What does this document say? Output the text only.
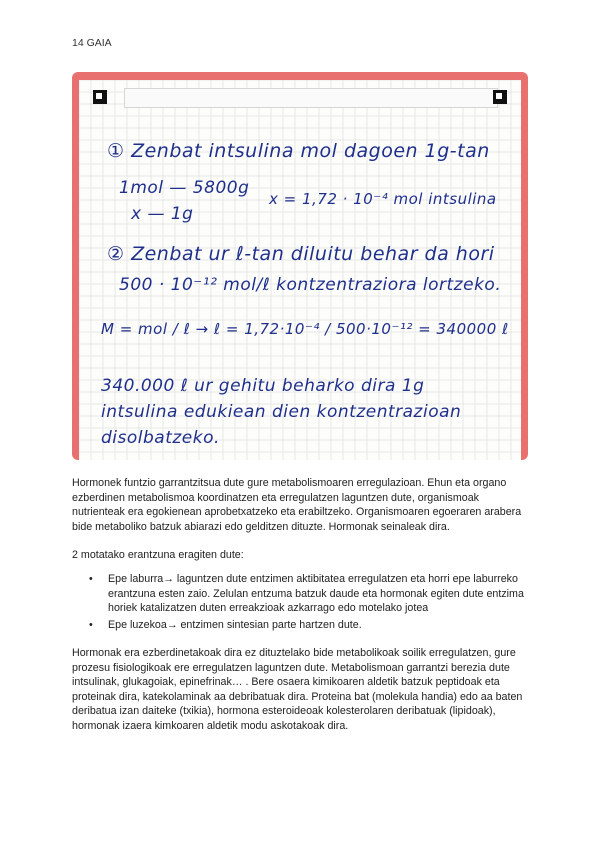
14 GAIA
① Zenbat intsulina mol dagoen 1g-tan
1mol — 5800g
x — 1g
x = 1,72 · 10⁻⁴ mol intsulina
② Zenbat ur ℓ-tan diluitu behar da hori
500 · 10⁻¹² mol/ℓ kontzentraziora lortzeko.
M = mol / ℓ → ℓ = 1,72·10⁻⁴ / 500·10⁻¹² = 340000 ℓ
340.000 ℓ ur gehitu beharko dira 1g
intsulina edukiean dien kontzentrazioan
disolbatzeko.

Hormonek funtzio garrantzitsua dute gure metabolismoaren erregulazioan. Ehun eta organo ezberdinen metabolismoa koordinatzen eta erregulatzen laguntzen dute, organismoak nutrienteak era egokienean aprobetxatzeko eta erabiltzeko. Organismoaren egoeraren arabera bide metaboliko batzuk abiarazi edo gelditzen dituzte. Hormonak seinaleak dira.

2 motatako erantzuna eragiten dute:

• Epe laburra→ laguntzen dute entzimen aktibitatea erregulatzen eta horri epe laburreko erantzuna esten zaio. Zelulan entzuma batzuk daude eta hormonak egiten dute entzima horiek katalizatzen duten erreakzioak azkarrago edo motelako jotea
• Epe luzekoa→ entzimen sintesian parte hartzen dute.

Hormonak era ezberdinetakoak dira ez dituztelako bide metabolikoak soilik erregulatzen, gure prozesu fisiologikoak ere erregulatzen laguntzen dute. Metabolismoan garrantzi berezia dute intsulinak, glukagoiak, epinefrinak… . Bere osaera kimikoaren aldetik batzuk peptidoak eta proteinak dira, katekolaminak aa debribatuak dira. Proteina bat (molekula handia) edo aa baten deribatua izan daiteke (txikia), hormona esteroideoak kolesterolaren deribatuak (lipidoak), hormonak izaera kimkoaren aldetik modu askotakoak dira.
